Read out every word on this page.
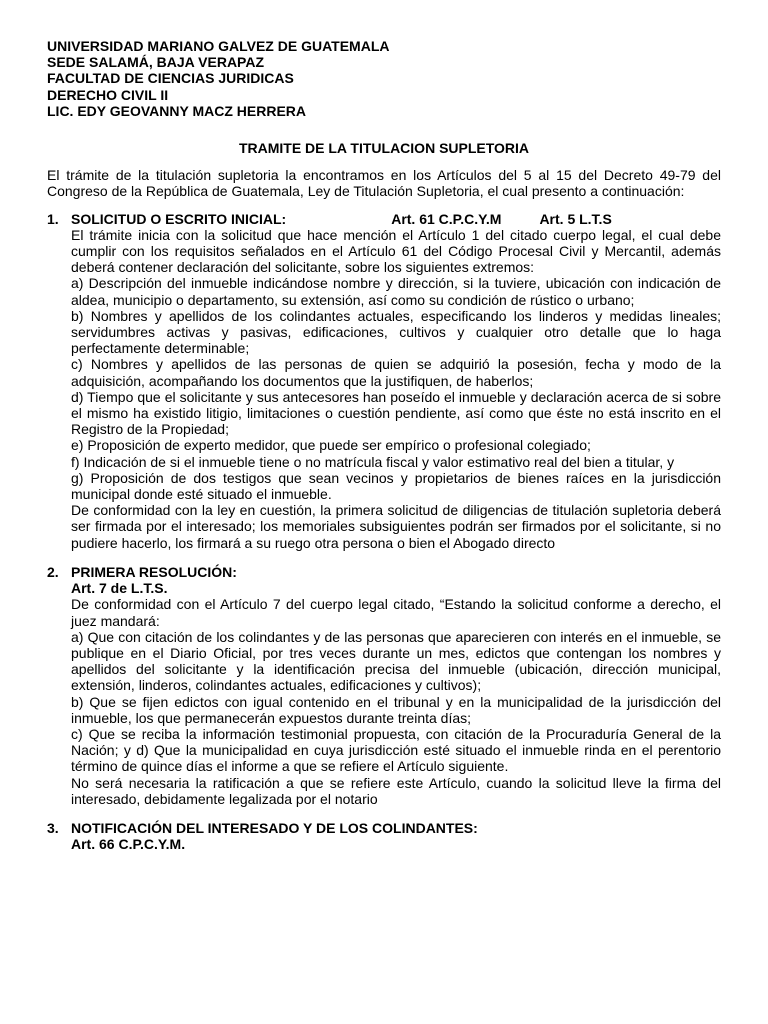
UNIVERSIDAD MARIANO GALVEZ DE GUATEMALA
SEDE SALAMÁ, BAJA VERAPAZ
FACULTAD DE CIENCIAS JURIDICAS
DERECHO CIVIL II
LIC. EDY GEOVANNY MACZ HERRERA
TRAMITE DE LA TITULACION SUPLETORIA

El trámite de la titulación supletoria la encontramos en los Artículos del 5 al 15 del Decreto 49-79 del Congreso de la República de Guatemala, Ley de Titulación Supletoria, el cual presento a continuación:

1. SOLICITUD O ESCRITO INICIAL:	Art. 61 C.P.C.Y.M	Art. 5 L.T.S

El trámite inicia con la solicitud que hace mención el Artículo 1 del citado cuerpo legal, el cual debe cumplir con los requisitos señalados en el Artículo 61 del Código Procesal Civil y Mercantil, además deberá contener declaración del solicitante, sobre los siguientes extremos:

a) Descripción del inmueble indicándose nombre y dirección, si la tuviere, ubicación con indicación de aldea, municipio o departamento, su extensión, así como su condición de rústico o urbano;

b) Nombres y apellidos de los colindantes actuales, especificando los linderos y medidas lineales; servidumbres activas y pasivas, edificaciones, cultivos y cualquier otro detalle que lo haga perfectamente determinable;

c) Nombres y apellidos de las personas de quien se adquirió la posesión, fecha y modo de la adquisición, acompañando los documentos que la justifiquen, de haberlos;

d) Tiempo que el solicitante y sus antecesores han poseído el inmueble y declaración acerca de si sobre el mismo ha existido litigio, limitaciones o cuestión pendiente, así como que éste no está inscrito en el Registro de la Propiedad;

e) Proposición de experto medidor, que puede ser empírico o profesional colegiado;

f) Indicación de si el inmueble tiene o no matrícula fiscal y valor estimativo real del bien a titular, y

g) Proposición de dos testigos que sean vecinos y propietarios de bienes raíces en la jurisdicción municipal donde esté situado el inmueble.

De conformidad con la ley en cuestión, la primera solicitud de diligencias de titulación supletoria deberá ser firmada por el interesado; los memoriales subsiguientes podrán ser firmados por el solicitante, si no pudiere hacerlo, los firmará a su ruego otra persona o bien el Abogado directo

2. PRIMERA RESOLUCIÓN:
Art. 7 de L.T.S.

De conformidad con el Artículo 7 del cuerpo legal citado, “Estando la solicitud conforme a derecho, el juez mandará:

a) Que con citación de los colindantes y de las personas que aparecieren con interés en el inmueble, se publique en el Diario Oficial, por tres veces durante un mes, edictos que contengan los nombres y apellidos del solicitante y la identificación precisa del inmueble (ubicación, dirección municipal, extensión, linderos, colindantes actuales, edificaciones y cultivos);

b) Que se fijen edictos con igual contenido en el tribunal y en la municipalidad de la jurisdicción del inmueble, los que permanecerán expuestos durante treinta días;

c) Que se reciba la información testimonial propuesta, con citación de la Procuraduría General de la Nación; y d) Que la municipalidad en cuya jurisdicción esté situado el inmueble rinda en el perentorio término de quince días el informe a que se refiere el Artículo siguiente.

No será necesaria la ratificación a que se refiere este Artículo, cuando la solicitud lleve la firma del interesado, debidamente legalizada por el notario

3. NOTIFICACIÓN DEL INTERESADO Y DE LOS COLINDANTES:
Art. 66 C.P.C.Y.M.
